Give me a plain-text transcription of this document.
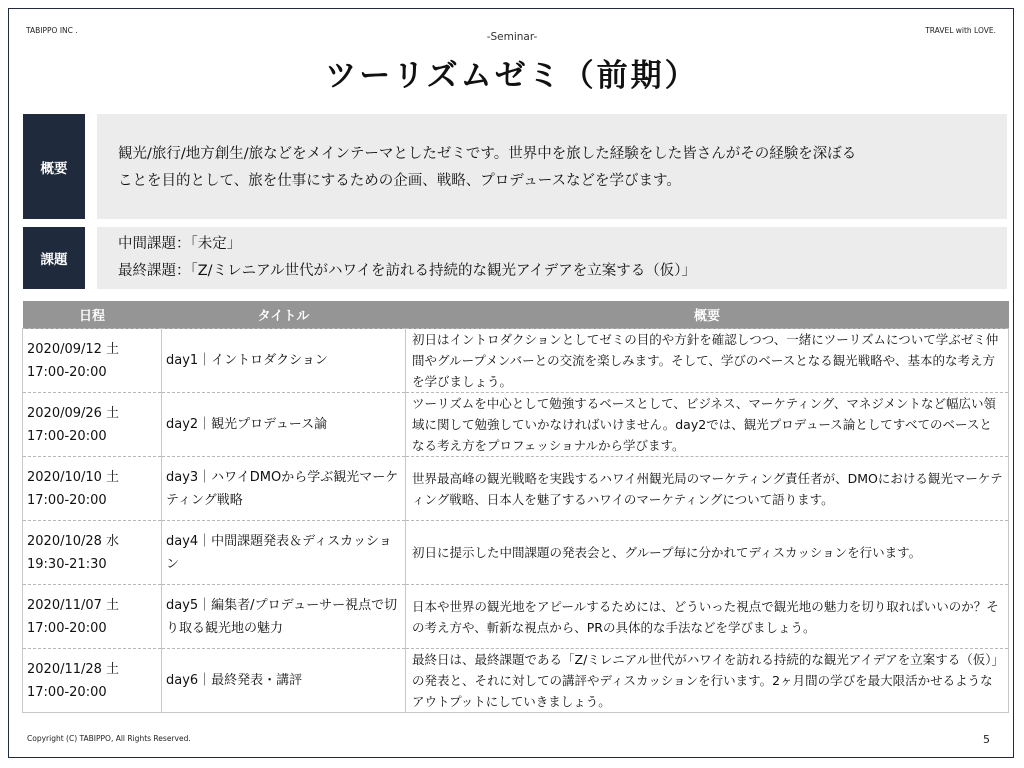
TABIPPO INC .
-Seminar-
TRAVEL with LOVE.
ツーリズムゼミ（前期）
概要
観光/旅行/地方創生/旅などをメインテーマとしたゼミです。世界中を旅した経験をした皆さんがその経験を深ぼる
ことを目的として、旅を仕事にするための企画、戦略、プロデュースなどを学びます。
課題
中間課題：「未定」
最終課題：「Z/ミレニアル世代がハワイを訪れる持続的な観光アイデアを立案する（仮）」
日程	タイトル	概要

2020/09/12 土
17:00-20:00	day1｜イントロダクション	初日はイントロダクションとしてゼミの目的や方針を確認しつつ、一緒にツーリズムについて学ぶゼミ仲間やグループメンバーとの交流を楽しみます。そして、学びのベースとなる観光戦略や、基本的な考え方を学びましょう。

2020/09/26 土
17:00-20:00	day2｜観光プロデュース論	ツーリズムを中心として勉強するベースとして、ビジネス、マーケティング、マネジメントなど幅広い領域に関して勉強していかなければいけません。day2では、観光プロデュース論としてすべてのベースとなる考え方をプロフェッショナルから学びます。

2020/10/10 土
17:00-20:00	day3｜ハワイDMOから学ぶ観光マーケティング戦略	世界最高峰の観光戦略を実践するハワイ州観光局のマーケティング責任者が、DMOにおける観光マーケティング戦略、日本人を魅了するハワイのマーケティングについて語ります。

2020/10/28 水
19:30-21:30	day4｜中間課題発表＆ディスカッション	初日に提示した中間課題の発表会と、グループ毎に分かれてディスカッションを行います。

2020/11/07 土
17:00-20:00	day5｜編集者/プロデューサー視点で切り取る観光地の魅力	日本や世界の観光地をアピールするためには、どういった視点で観光地の魅力を切り取ればいいのか？その考え方や、斬新な視点から、PRの具体的な手法などを学びましょう。

2020/11/28 土
17:00-20:00	day6｜最終発表・講評	最終日は、最終課題である「Z/ミレニアル世代がハワイを訪れる持続的な観光アイデアを立案する（仮）」の発表と、それに対しての講評やディスカッションを行います。2ヶ月間の学びを最大限活かせるようなアウトプットにしていきましょう。
Copyright (C) TABIPPO, All Rights Reserved.	5
